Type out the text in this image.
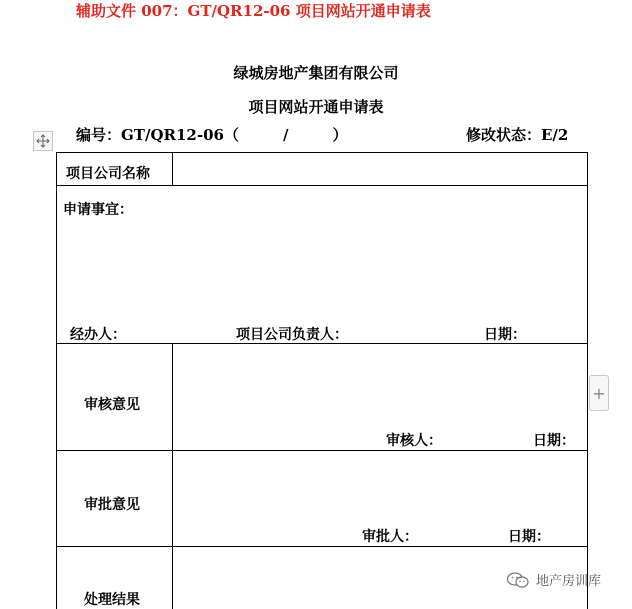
辅助文件 007：GT/QR12-06 项目网站开通申请表
绿城房地产集团有限公司
项目网站开通申请表
编号：GT/QR12-06（	/	）	修改状态：E/2
项目公司名称
申请事宜：
经办人：	项目公司负责人：	日期：
审核意见
审核人：	日期：
审批意见
审批人：	日期：
处理结果
+
地产房训库
